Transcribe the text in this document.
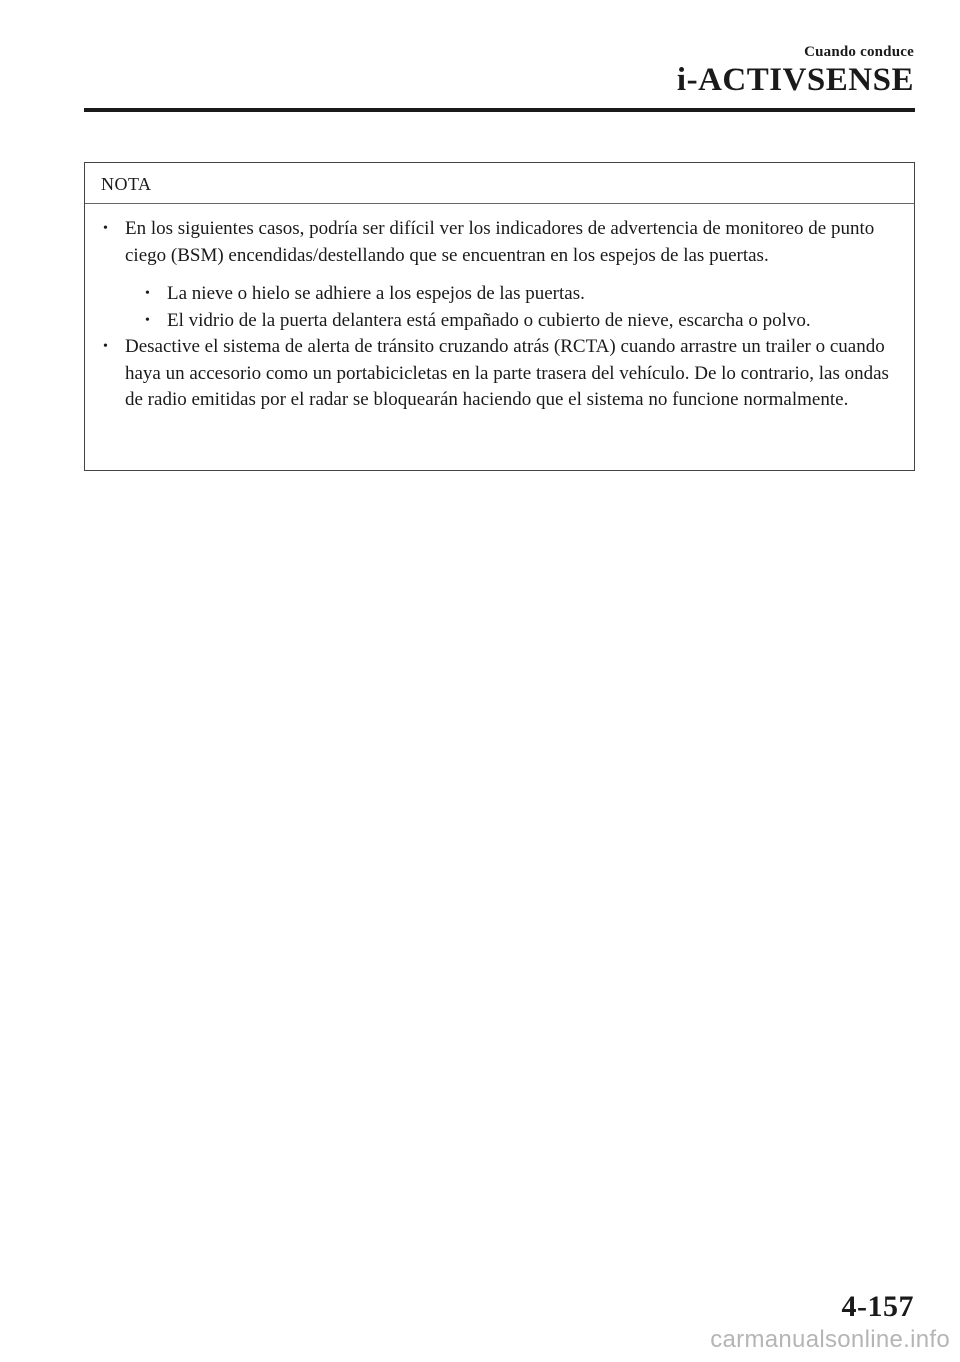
Cuando conduce
i-ACTIVSENSE
NOTA
• En los siguientes casos, podría ser difícil ver los indicadores de advertencia de monitoreo de punto ciego (BSM) encendidas/destellando que se encuentran en los espejos de las puertas.
• La nieve o hielo se adhiere a los espejos de las puertas.
• El vidrio de la puerta delantera está empañado o cubierto de nieve, escarcha o polvo.
• Desactive el sistema de alerta de tránsito cruzando atrás (RCTA) cuando arrastre un trailer o cuando haya un accesorio como un portabicicletas en la parte trasera del vehículo. De lo contrario, las ondas de radio emitidas por el radar se bloquearán haciendo que el sistema no funcione normalmente.
4-157
carmanualsonline.info
